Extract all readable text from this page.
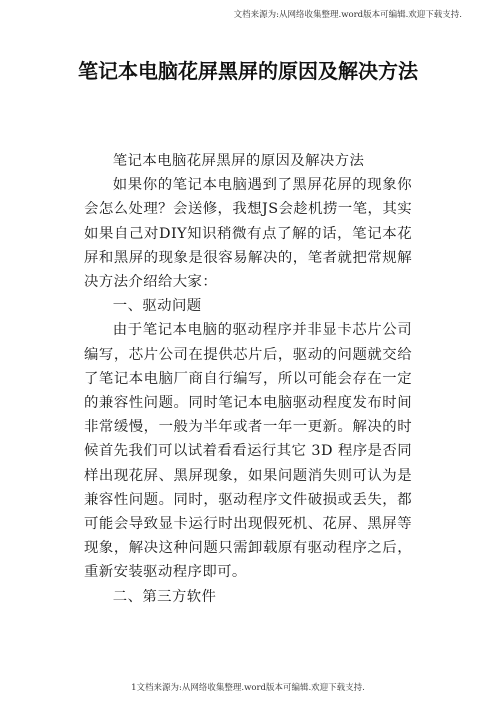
文档来源为:从网络收集整理.word版本可编辑.欢迎下载支持.
笔记本电脑花屏黑屏的原因及解决方法

笔记本电脑花屏黑屏的原因及解决方法

如果你的笔记本电脑遇到了黑屏花屏的现象你会怎么处理？会送修，我想JS会趁机捞一笔，其实如果自己对DIY知识稍微有点了解的话，笔记本花屏和黑屏的现象是很容易解决的，笔者就把常规解决方法介绍给大家：

一、驱动问题

由于笔记本电脑的驱动程序并非显卡芯片公司编写，芯片公司在提供芯片后，驱动的问题就交给了笔记本电脑厂商自行编写，所以可能会存在一定的兼容性问题。同时笔记本电脑驱动程度发布时间非常缓慢，一般为半年或者一年一更新。解决的时候首先我们可以试着看看运行其它 3D 程序是否同样出现花屏、黑屏现象，如果问题消失则可认为是兼容性问题。同时，驱动程序文件破损或丢失，都可能会导致显卡运行时出现假死机、花屏、黑屏等现象，解决这种问题只需卸载原有驱动程序之后，重新安装驱动程序即可。

二、第三方软件

1文档来源为:从网络收集整理.word版本可编辑.欢迎下载支持.
